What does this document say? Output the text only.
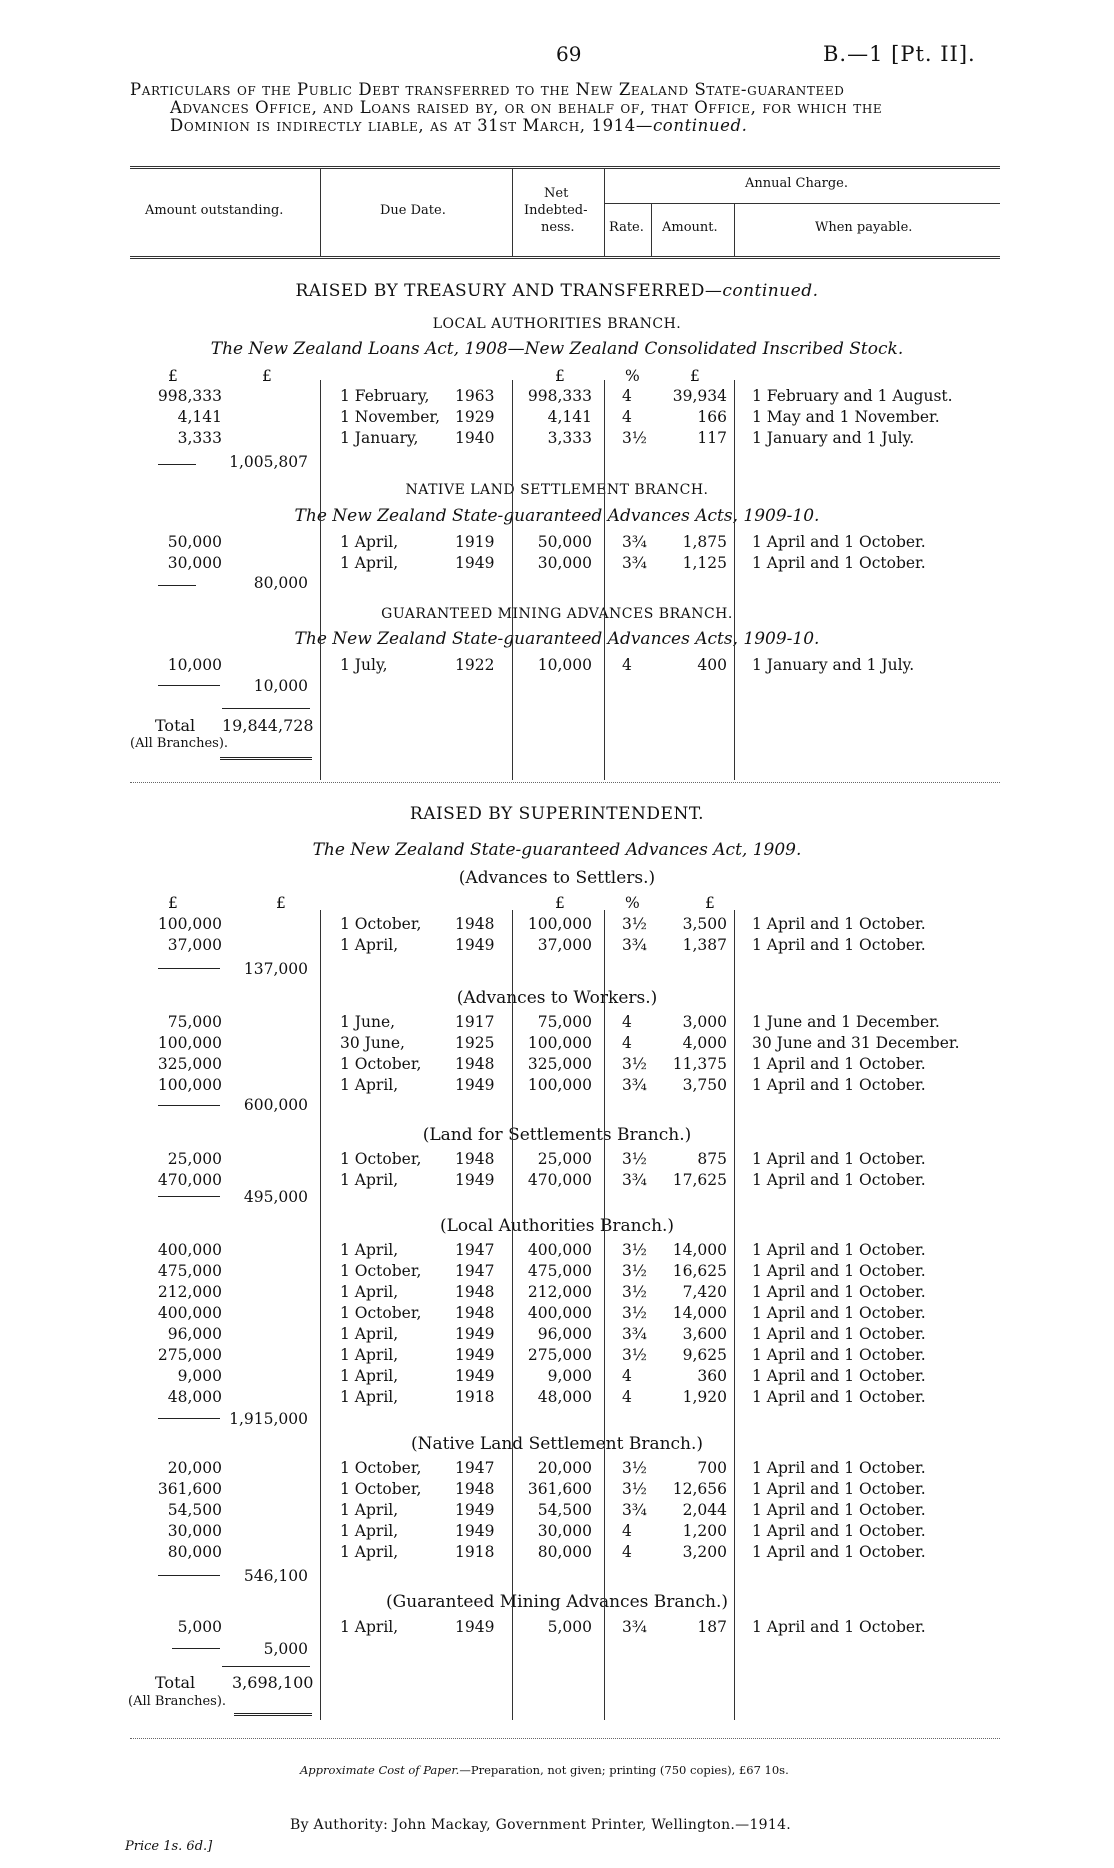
69	B.—1 [Pt. II].
Particulars of the Public Debt transferred to the New Zealand State-guaranteed
Advances Office, and Loans raised by, or on behalf of, that Office, for which the
Dominion is indirectly liable, as at 31st March, 1914—continued.
Amount outstanding.	Due Date.
Net
Indebted-
ness.
Annual Charge.
Rate. Amount.	When payable.
RAISED BY TREASURY AND TRANSFERRED—continued.
LOCAL AUTHORITIES BRANCH.
The New Zealand Loans Act, 1908—New Zealand Consolidated Inscribed Stock.
£	£	£	%	£
998,333	1 February, 1963	998,333 4	39,934 1 February and 1 August.
4,141	1 November, 1929	4,141 4	166 1 May and 1 November.
3,333	1 January, 1940	3,333 3½	117 1 January and 1 July.
1,005,807
NATIVE LAND SETTLEMENT BRANCH.
The New Zealand State-guaranteed Advances Acts, 1909-10.
50,000	1 April,	1919	50,000 3¾	1,875 1 April and 1 October.
30,000	1 April,	1949	30,000 3¾	1,125 1 April and 1 October.
80,000
GUARANTEED MINING ADVANCES BRANCH.
The New Zealand State-guaranteed Advances Acts, 1909-10.
10,000	1 July,	1922	10,000 4	400 1 January and 1 July.
10,000
Total 19,844,728
(All Branches).
RAISED BY SUPERINTENDENT.
The New Zealand State-guaranteed Advances Act, 1909.
(Advances to Settlers.)
£	£	£	%	£
100,000	1 October, 1948	100,000 3½	3,500 1 April and 1 October.
37,000	1 April,	1949	37,000 3¾	1,387 1 April and 1 October.
137,000
(Advances to Workers.)
75,000	1 June,	1917	75,000 4	3,000 1 June and 1 December.
100,000	30 June,	1925	100,000 4	4,000 30 June and 31 December.
325,000	1 October, 1948	325,000 3½	11,375 1 April and 1 October.
100,000	1 April,	1949	100,000 3¾	3,750 1 April and 1 October.
600,000
(Land for Settlements Branch.)
25,000	1 October, 1948	25,000 3½	875 1 April and 1 October.
470,000	1 April,	1949	470,000 3¾	17,625 1 April and 1 October.
495,000
(Local Authorities Branch.)
400,000	1 April,	1947	400,000 3½	14,000 1 April and 1 October.
475,000	1 October, 1947	475,000 3½	16,625 1 April and 1 October.
212,000	1 April,	1948	212,000 3½	7,420 1 April and 1 October.
400,000	1 October, 1948	400,000 3½	14,000 1 April and 1 October.
96,000	1 April,	1949	96,000 3¾	3,600 1 April and 1 October.
275,000	1 April,	1949	275,000 3½	9,625 1 April and 1 October.
9,000	1 April,	1949	9,000 4	360 1 April and 1 October.
48,000	1 April,	1918	48,000 4	1,920 1 April and 1 October.
1,915,000
(Native Land Settlement Branch.)
20,000	1 October, 1947	20,000 3½	700 1 April and 1 October.
361,600	1 October, 1948	361,600 3½	12,656 1 April and 1 October.
54,500	1 April,	1949	54,500 3¾	2,044 1 April and 1 October.
30,000	1 April,	1949	30,000 4	1,200 1 April and 1 October.
80,000	1 April,	1918	80,000 4	3,200 1 April and 1 October.
546,100
(Guaranteed Mining Advances Branch.)
5,000	1 April,	1949	5,000 3¾	187 1 April and 1 October.
5,000
Total 3,698,100
(All Branches).
Approximate Cost of Paper.—Preparation, not given; printing (750 copies), £67 10s.
By Authority: John Mackay, Government Printer, Wellington.—1914.
Price 1s. 6d.]
